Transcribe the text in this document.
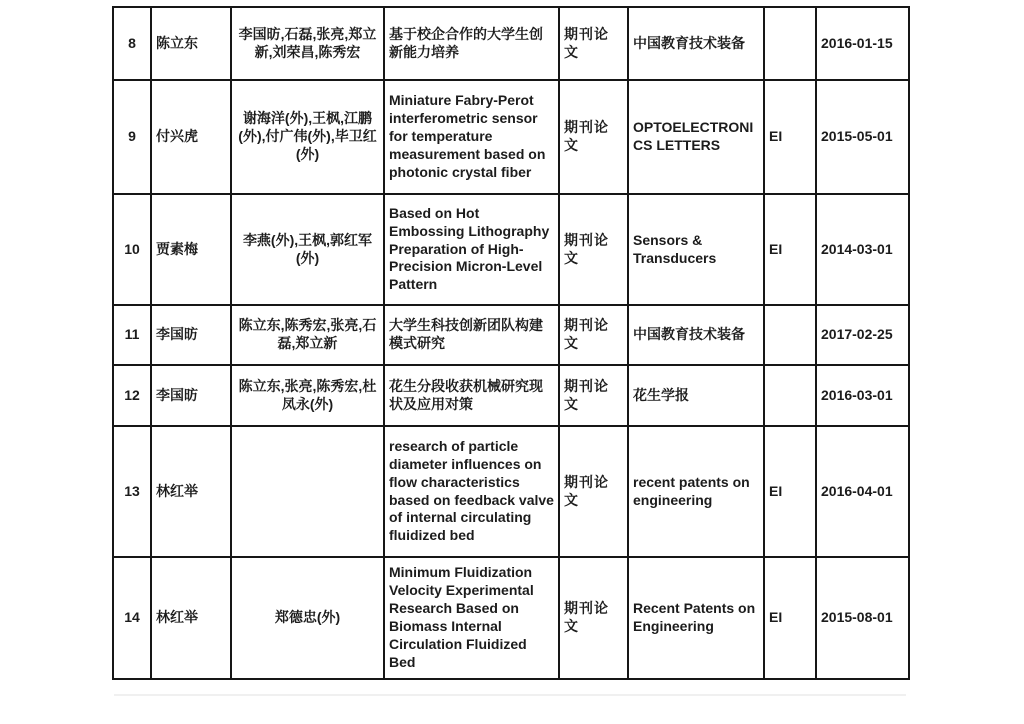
8	陈立东	李国昉,石磊,张亮,郑立新,刘荣昌,陈秀宏	基于校企合作的大学生创新能力培养	期刊论文	中国教育技术装备		2016-01-15
9	付兴虎	谢海洋(外),王枫,江鹏(外),付广伟(外),毕卫红(外)	Miniature Fabry-Perot interferometric sensor for temperature measurement based on photonic crystal fiber	期刊论文	OPTOELECTRONICS LETTERS	EI	2015-05-01
10	贾素梅	李燕(外),王枫,郭红军(外)	Based on Hot Embossing Lithography Preparation of High-Precision Micron-Level Pattern	期刊论文	Sensors & Transducers	EI	2014-03-01
11	李国昉	陈立东,陈秀宏,张亮,石磊,郑立新	大学生科技创新团队构建模式研究	期刊论文	中国教育技术装备		2017-02-25
12	李国昉	陈立东,张亮,陈秀宏,杜凤永(外)	花生分段收获机械研究现状及应用对策	期刊论文	花生学报		2016-03-01
13	林红举		research of particle diameter influences on flow characteristics based on feedback valve of internal circulating fluidized bed	期刊论文	recent patents on engineering	EI	2016-04-01
14	林红举	郑德忠(外)	Minimum Fluidization Velocity Experimental Research Based on Biomass Internal Circulation Fluidized Bed	期刊论文	Recent Patents on Engineering	EI	2015-08-01
